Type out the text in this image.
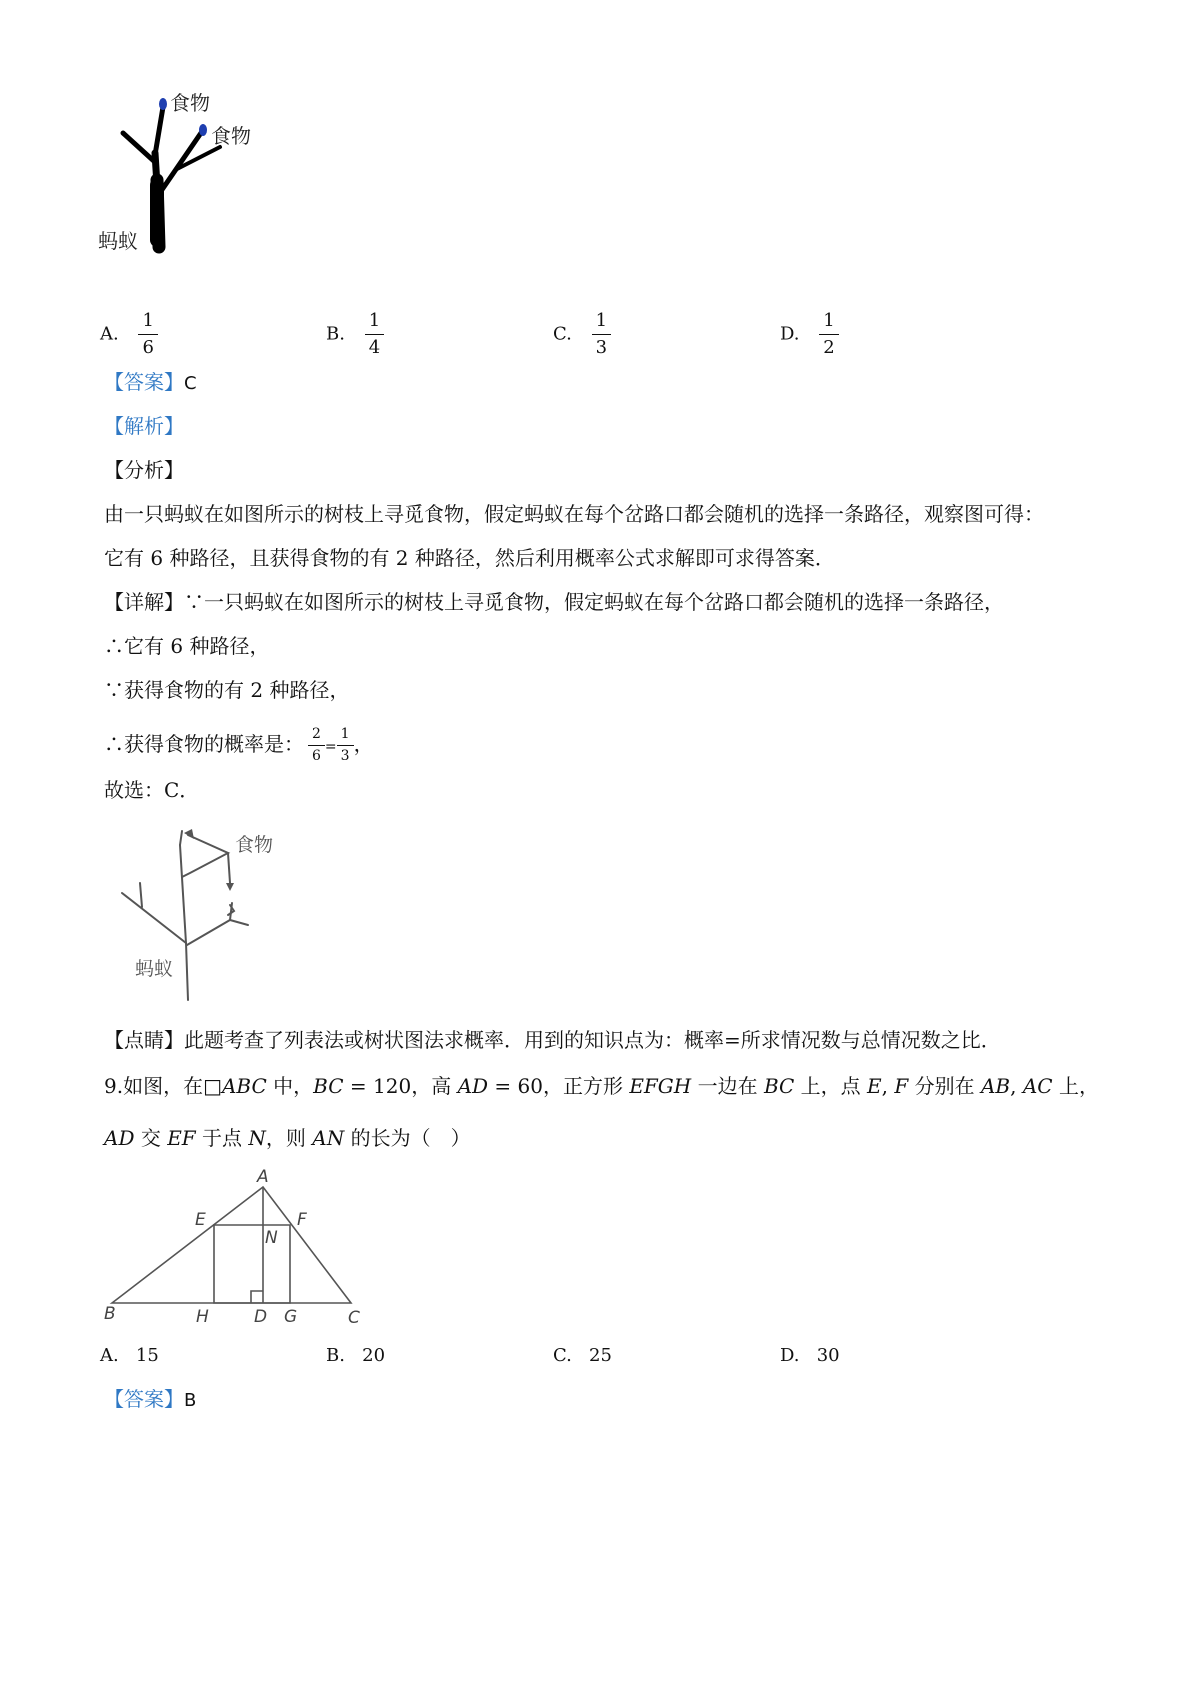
食物
食物
蚂蚁
A. $\frac{1}{6}$	B. $\frac{1}{4}$	C. $\frac{1}{3}$	D. $\frac{1}{2}$
【答案】C
【解析】
【分析】
由一只蚂蚁在如图所示的树枝上寻觅食物，假定蚂蚁在每个岔路口都会随机的选择一条路径，观察图可得：
它有 6 种路径，且获得食物的有 2 种路径，然后利用概率公式求解即可求得答案．
【详解】∵一只蚂蚁在如图所示的树枝上寻觅食物，假定蚂蚁在每个岔路口都会随机的选择一条路径，
∴它有 6 种路径，
∵获得食物的有 2 种路径，
∴获得食物的概率是： $\frac{2}{6} = \frac{1}{3}$ ，
故选：C．
食物
蚂蚁
【点睛】此题考查了列表法或树状图法求概率．用到的知识点为：概率=所求情况数与总情况数之比．
9.如图，在□ABC 中，BC = 120，高 AD = 60，正方形 EFGH 一边在 BC 上，点 E, F 分别在 AB, AC 上，
AD 交 EF 于点 N，则 AN 的长为（　）
A
B	C
D
E	F
G
H
N
A. 15	B. 20	C. 25	D. 30
【答案】B
